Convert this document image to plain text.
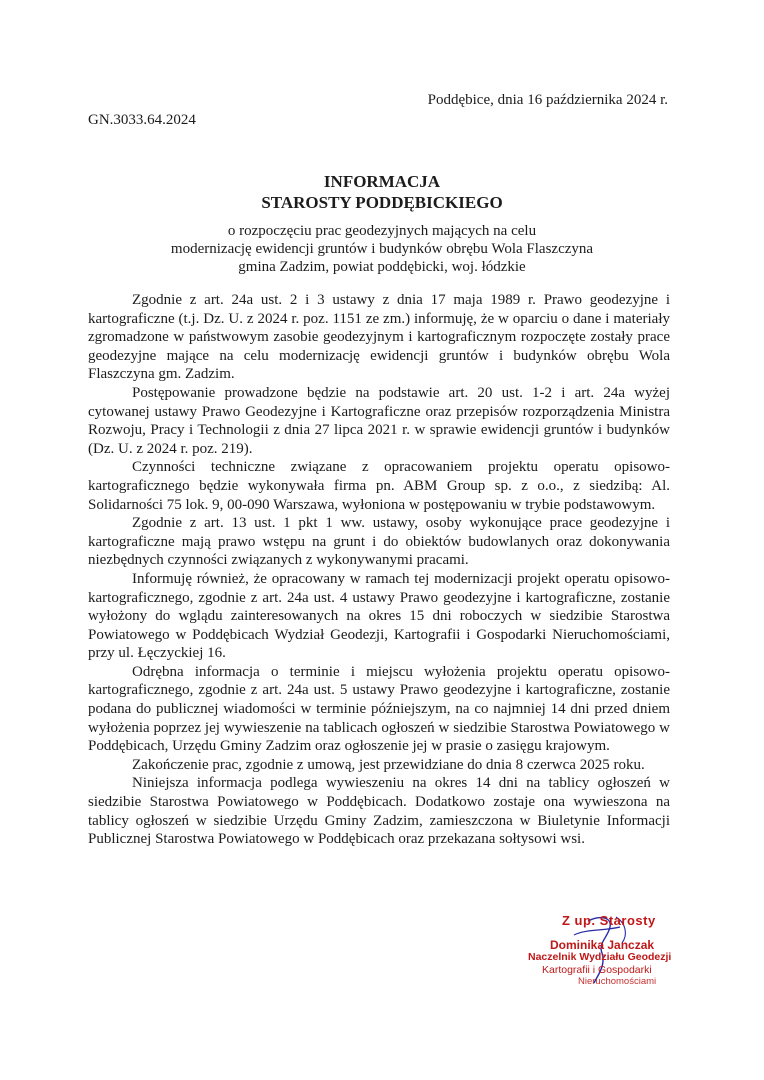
Poddębice, dnia 16 października 2024 r.
GN.3033.64.2024
INFORMACJA
STAROSTY PODDĘBICKIEGO
o rozpoczęciu prac geodezyjnych mających na celu
modernizację ewidencji gruntów i budynków obrębu Wola Flaszczyna
gmina Zadzim, powiat poddębicki, woj. łódzkie

Zgodnie z art. 24a ust. 2 i 3 ustawy z dnia 17 maja 1989 r. Prawo geodezyjne i kartograficzne (t.j. Dz. U. z 2024 r. poz. 1151 ze zm.) informuję, że w oparciu o dane i materiały zgromadzone w państwowym zasobie geodezyjnym i kartograficznym rozpoczęte zostały prace geodezyjne mające na celu modernizację ewidencji gruntów i budynków obrębu Wola Flaszczyna gm. Zadzim.

Postępowanie prowadzone będzie na podstawie art. 20 ust. 1-2 i art. 24a wyżej cytowanej ustawy Prawo Geodezyjne i Kartograficzne oraz przepisów rozporządzenia Ministra Rozwoju, Pracy i Technologii z dnia 27 lipca 2021 r. w sprawie ewidencji gruntów i budynków (Dz. U. z 2024 r. poz. 219).

Czynności techniczne związane z opracowaniem projektu operatu opisowo-kartograficznego będzie wykonywała firma pn. ABM Group sp. z o.o., z siedzibą: Al. Solidarności 75 lok. 9, 00-090 Warszawa, wyłoniona w postępowaniu w trybie podstawowym.

Zgodnie z art. 13 ust. 1 pkt 1 ww. ustawy, osoby wykonujące prace geodezyjne i kartograficzne mają prawo wstępu na grunt i do obiektów budowlanych oraz dokonywania niezbędnych czynności związanych z wykonywanymi pracami.

Informuję również, że opracowany w ramach tej modernizacji projekt operatu opisowo-kartograficznego, zgodnie z art. 24a ust. 4 ustawy Prawo geodezyjne i kartograficzne, zostanie wyłożony do wglądu zainteresowanych na okres 15 dni roboczych w siedzibie Starostwa Powiatowego w Poddębicach Wydział Geodezji, Kartografii i Gospodarki Nieruchomościami, przy ul. Łęczyckiej 16.

Odrębna informacja o terminie i miejscu wyłożenia projektu operatu opisowo-kartograficznego, zgodnie z art. 24a ust. 5 ustawy Prawo geodezyjne i kartograficzne, zostanie podana do publicznej wiadomości w terminie późniejszym, na co najmniej 14 dni przed dniem wyłożenia poprzez jej wywieszenie na tablicach ogłoszeń w siedzibie Starostwa Powiatowego w Poddębicach, Urzędu Gminy Zadzim oraz ogłoszenie jej w prasie o zasięgu krajowym.

Zakończenie prac, zgodnie z umową, jest przewidziane do dnia 8 czerwca 2025 roku.

Niniejsza informacja podlega wywieszeniu na okres 14 dni na tablicy ogłoszeń w siedzibie Starostwa Powiatowego w Poddębicach. Dodatkowo zostaje ona wywieszona na tablicy ogłoszeń w siedzibie Urzędu Gminy Zadzim, zamieszczona w Biuletynie Informacji Publicznej Starostwa Powiatowego w Poddębicach oraz przekazana sołtysowi wsi.

Z up. Starosty
Dominika Janczak
Naczelnik Wydziału Geodezji
Kartografii i Gospodarki
Nieruchomościami
